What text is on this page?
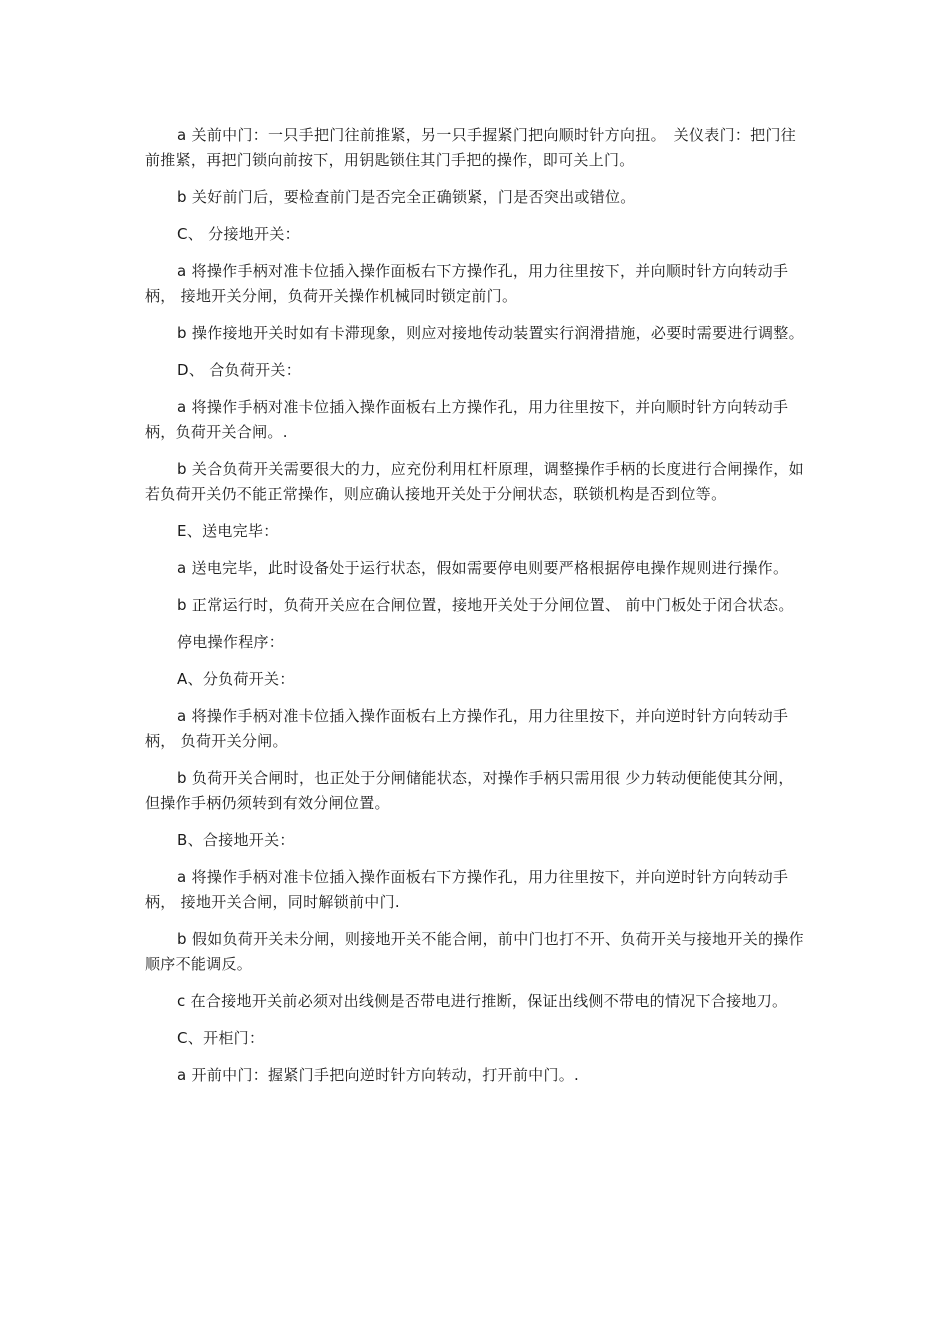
a 关前中门：一只手把门往前推紧，另一只手握紧门把向顺时针方向扭。　关仪表门：把门往前推紧，再把门锁向前按下，用钥匙锁住其门手把的操作，即可关上门。

b 关好前门后，要检查前门是否完全正确锁紧，门是否突出或错位。

C、 分接地开关：

a 将操作手柄对准卡位插入操作面板右下方操作孔，用力往里按下，并向顺时针方向转动手柄， 接地开关分闸，负荷开关操作机械同时锁定前门。

b 操作接地开关时如有卡滞现象，则应对接地传动装置实行润滑措施，必要时需要进行调整。

D、 合负荷开关：

a 将操作手柄对准卡位插入操作面板右上方操作孔，用力往里按下，并向顺时针方向转动手柄，负荷开关合闸。.

b 关合负荷开关需要很大的力，应充份利用杠杆原理，调整操作手柄的长度进行合闸操作，如若负荷开关仍不能正常操作，则应确认接地开关处于分闸状态，联锁机构是否到位等。

E、送电完毕：

a 送电完毕，此时设备处于运行状态，假如需要停电则要严格根据停电操作规则进行操作。

b 正常运行时，负荷开关应在合闸位置，接地开关处于分闸位置、 前中门板处于闭合状态。

停电操作程序：

A、分负荷开关：

a 将操作手柄对准卡位插入操作面板右上方操作孔，用力往里按下，并向逆时针方向转动手柄， 负荷开关分闸。

b 负荷开关合闸时，也正处于分闸储能状态，对操作手柄只需用很 少力转动便能使其分闸，但操作手柄仍须转到有效分闸位置。

B、合接地开关：

a 将操作手柄对准卡位插入操作面板右下方操作孔，用力往里按下，并向逆时针方向转动手柄， 接地开关合闸，同时解锁前中门.

b 假如负荷开关未分闸，则接地开关不能合闸，前中门也打不开、负荷开关与接地开关的操作顺序不能调反。

c 在合接地开关前必须对出线侧是否带电进行推断，保证出线侧不带电的情况下合接地刀。

C、开柜门：

a 开前中门：握紧门手把向逆时针方向转动，打开前中门。.
